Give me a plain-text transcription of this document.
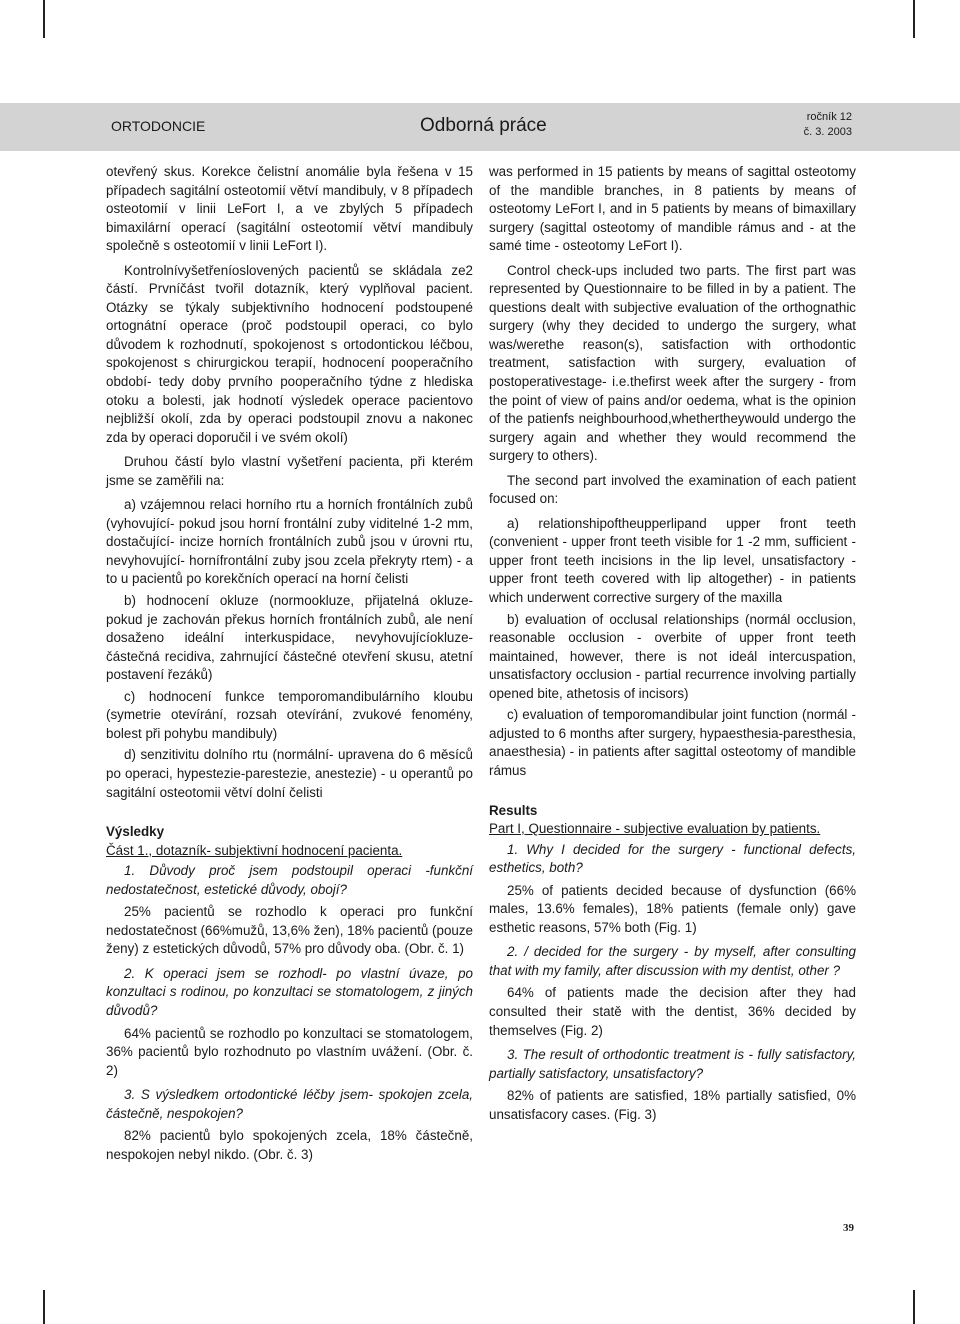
ORTODONCIE	Odborná práce	ročník 12
č. 3. 2003

otevřený skus. Korekce čelistní anomálie byla řešena v 15 případech sagitální osteotomií větví mandibuly, v 8 případech osteotomií v linii LeFort I, a ve zbylých 5 případech bimaxilární operací (sagitální osteotomií větví mandibuly společně s osteotomií v linii LeFort I).

Kontrolnívyšetřeníoslovených pacientů se skládala ze2 částí. Prvníčást tvořil dotazník, který vyplňoval pacient. Otázky se týkaly subjektivního hodnocení podstoupené ortognátní operace (proč podstoupil operaci, co bylo důvodem k rozhodnutí, spokojenost s ortodontickou léčbou, spokojenost s chirurgickou terapií, hodnocení pooperačního období- tedy doby prvního pooperačního týdne z hlediska otoku a bolesti, jak hodnotí výsledek operace pacientovo nejbližší okolí, zda by operaci podstoupil znovu a nakonec zda by operaci doporučil i ve svém okolí)

Druhou částí bylo vlastní vyšetření pacienta, při kterém jsme se zaměřili na:

a) vzájemnou relaci horního rtu a horních frontálních zubů (vyhovující- pokud jsou horní frontální zuby viditelné 1-2 mm, dostačující- incize horních frontálních zubů jsou v úrovni rtu, nevyhovující- hornífrontální zuby jsou zcela překryty rtem) - a to u pacientů po korekčních operací na horní čelisti

b) hodnocení okluze (normookluze, přijatelná okluze- pokud je zachován překus horních frontálních zubů, ale není dosaženo ideální interkuspidace, nevyhovujícíokluze- částečná recidiva, zahrnující částečné otevření skusu, atetní postavení řezáků)

c) hodnocení funkce temporomandibulárního kloubu (symetrie otevírání, rozsah otevírání, zvukové fenomény, bolest při pohybu mandibuly)

d) senzitivitu dolního rtu (normální- upravena do 6 měsíců po operaci, hypestezie-parestezie, anestezie) - u operantů po sagitální osteotomii větví dolní čelisti

Výsledky

Část 1., dotazník- subjektivní hodnocení pacienta.

1. Důvody proč jsem podstoupil operaci -funkční nedostatečnost, estetické důvody, obojí?

25% pacientů se rozhodlo k operaci pro funkční nedostatečnost (66%mužů, 13,6% žen), 18% pacientů (pouze ženy) z estetických důvodů, 57% pro důvody oba. (Obr. č. 1)

2. K operaci jsem se rozhodl- po vlastní úvaze, po konzultaci s rodinou, po konzultaci se stomatologem, z jiných důvodů?

64% pacientů se rozhodlo po konzultaci se stomatologem, 36% pacientů bylo rozhodnuto po vlastním uvážení. (Obr. č. 2)

3. S výsledkem ortodontické léčby jsem- spokojen zcela, částečně, nespokojen?

82% pacientů bylo spokojených zcela, 18% částečně, nespokojen nebyl nikdo. (Obr. č. 3)

was performed in 15 patients by means of sagittal osteotomy of the mandible branches, in 8 patients by means of osteotomy LeFort I, and in 5 patients by means of bimaxillary surgery (sagittal osteotomy of mandible rámus and - at the samé time - osteotomy LeFort I).

Control check-ups included two parts. The first part was represented by Questionnaire to be filled in by a patient. The questions dealt with subjective evaluation of the orthognathic surgery (why they decided to undergo the surgery, what was/werethe reason(s), satisfaction with orthodontic treatment, satisfaction with surgery, evaluation of postoperativestage- i.e.thefirst week after the surgery - from the point of view of pains and/or oedema, what is the opinion of the patienfs neighbourhood,whethertheywould undergo the surgery again and whether they would recommend the surgery to others).

The second part involved the examination of each patient focused on:

a) relationshipoftheupperlipand upper front teeth (convenient - upper front teeth visible for 1 -2 mm, sufficient - upper front teeth incisions in the lip level, unsatisfactory - upper front teeth covered with lip altogether) - in patients which underwent corrective surgery of the maxilla

b) evaluation of occlusal relationships (normál occlusion, reasonable occlusion - overbite of upper front teeth maintained, however, there is not ideál intercuspation, unsatisfactory occlusion - partial recurrence involving partially opened bite, athetosis of incisors)

c) evaluation of temporomandibular joint function (normál - adjusted to 6 months after surgery, hypaesthesia-paresthesia, anaesthesia) - in patients after sagittal osteotomy of mandible rámus

Results

Part I, Questionnaire - subjective evaluation by patients.

1. Why I decided for the surgery - functional defects, esthetics, both?

25% of patients decided because of dysfunction (66% males, 13.6% females), 18% patients (female only) gave esthetic reasons, 57% both (Fig. 1)

2. / decided for the surgery - by myself, after consulting that with my family, after discussion with my dentist, other ?

64% of patients made the decision after they had consulted their statě with the dentist, 36% decided by themselves (Fig. 2)

3. The result of orthodontic treatment is - fully satisfactory, partially satisfactory, unsatisfactory?

82% of patients are satisfied, 18% partially satisfied, 0% unsatisfacory cases. (Fig. 3)

39
